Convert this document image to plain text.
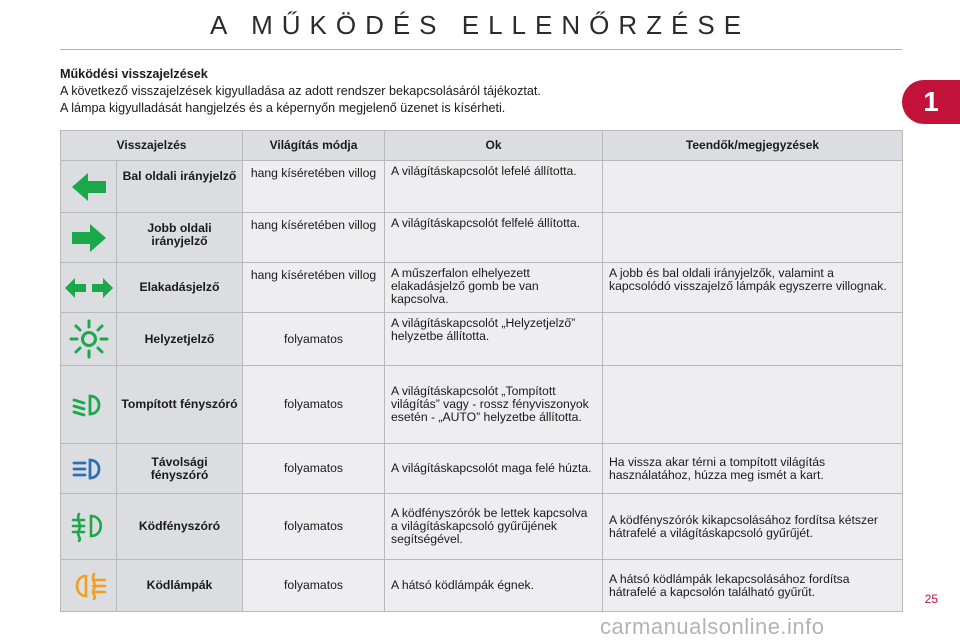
A MŰKÖDÉS ELLENŐRZÉSE
1
Működési visszajelzések
A következő visszajelzések kigyulladása az adott rendszer bekapcsolásáról tájékoztat.
A lámpa kigyulladását hangjelzés és a képernyőn megjelenő üzenet is kísérheti.
Visszajelzés		Világítás módja	Ok	Teendők/megjegyzések
	Bal oldali irányjelző	hang kíséretében villog	A világításkapcsolót lefelé állította.	
	Jobb oldali irányjelző	hang kíséretében villog	A világításkapcsolót felfelé állította.	
	Elakadásjelző	hang kíséretében villog	A műszerfalon elhelyezett elakadásjelző gomb be van kapcsolva.	A jobb és bal oldali irányjelzők, valamint a kapcsolódó visszajelző lámpák egyszerre villognak.
	Helyzetjelző	folyamatos	A világításkapcsolót „Helyzetjelző” helyzetbe állította.	
	Tompított fényszóró	folyamatos	A világításkapcsolót „Tompított világítás” vagy - rossz fényviszonyok esetén - „AUTO” helyzetbe állította.	
	Távolsági fényszóró	folyamatos	A világításkapcsolót maga felé húzta.	Ha vissza akar térni a tompított világítás használatához, húzza meg ismét a kart.
	Ködfényszóró	folyamatos	A ködfényszórók be lettek kapcsolva a világításkapcsoló gyűrűjének segítségével.	A ködfényszórók kikapcsolásához fordítsa kétszer hátrafelé a világításkapcsoló gyűrűjét.
	Ködlámpák	folyamatos	A hátsó ködlámpák égnek.	A hátsó ködlámpák lekapcsolásához fordítsa hátrafelé a kapcsolón található gyűrűt.
25
carmanualsonline.info
